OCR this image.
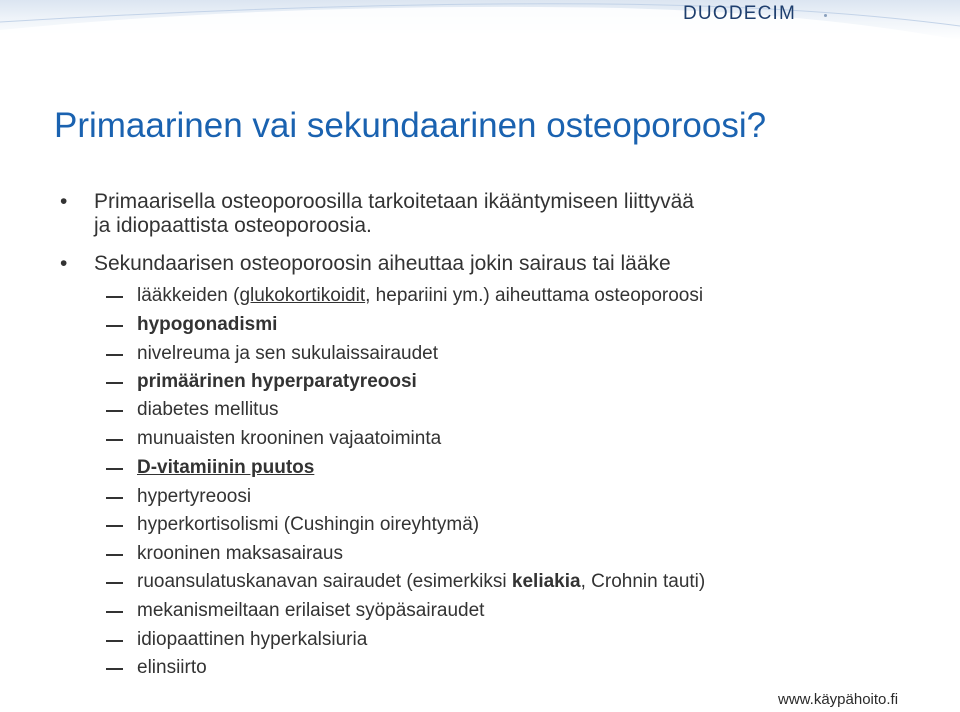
DUODECIM
Primaarinen vai sekundaarinen osteoporoosi?
•	Primaarisella osteoporoosilla tarkoitetaan ikääntymiseen liittyvää
ja idiopaattista osteoporoosia.
•	Sekundaarisen osteoporoosin aiheuttaa jokin sairaus tai lääke
lääkkeiden (glukokortikoidit, hepariini ym.) aiheuttama osteoporoosi
hypogonadismi
nivelreuma ja sen sukulaissairaudet
primäärinen hyperparatyreoosi
diabetes mellitus
munuaisten krooninen vajaatoiminta
D-vitamiinin puutos
hypertyreoosi
hyperkortisolismi (Cushingin oireyhtymä)
krooninen maksasairaus
ruoansulatuskanavan sairaudet (esimerkiksi keliakia, Crohnin tauti)
mekanismeiltaan erilaiset syöpäsairaudet
idiopaattinen hyperkalsiuria
elinsiirto
www.käypähoito.fi
